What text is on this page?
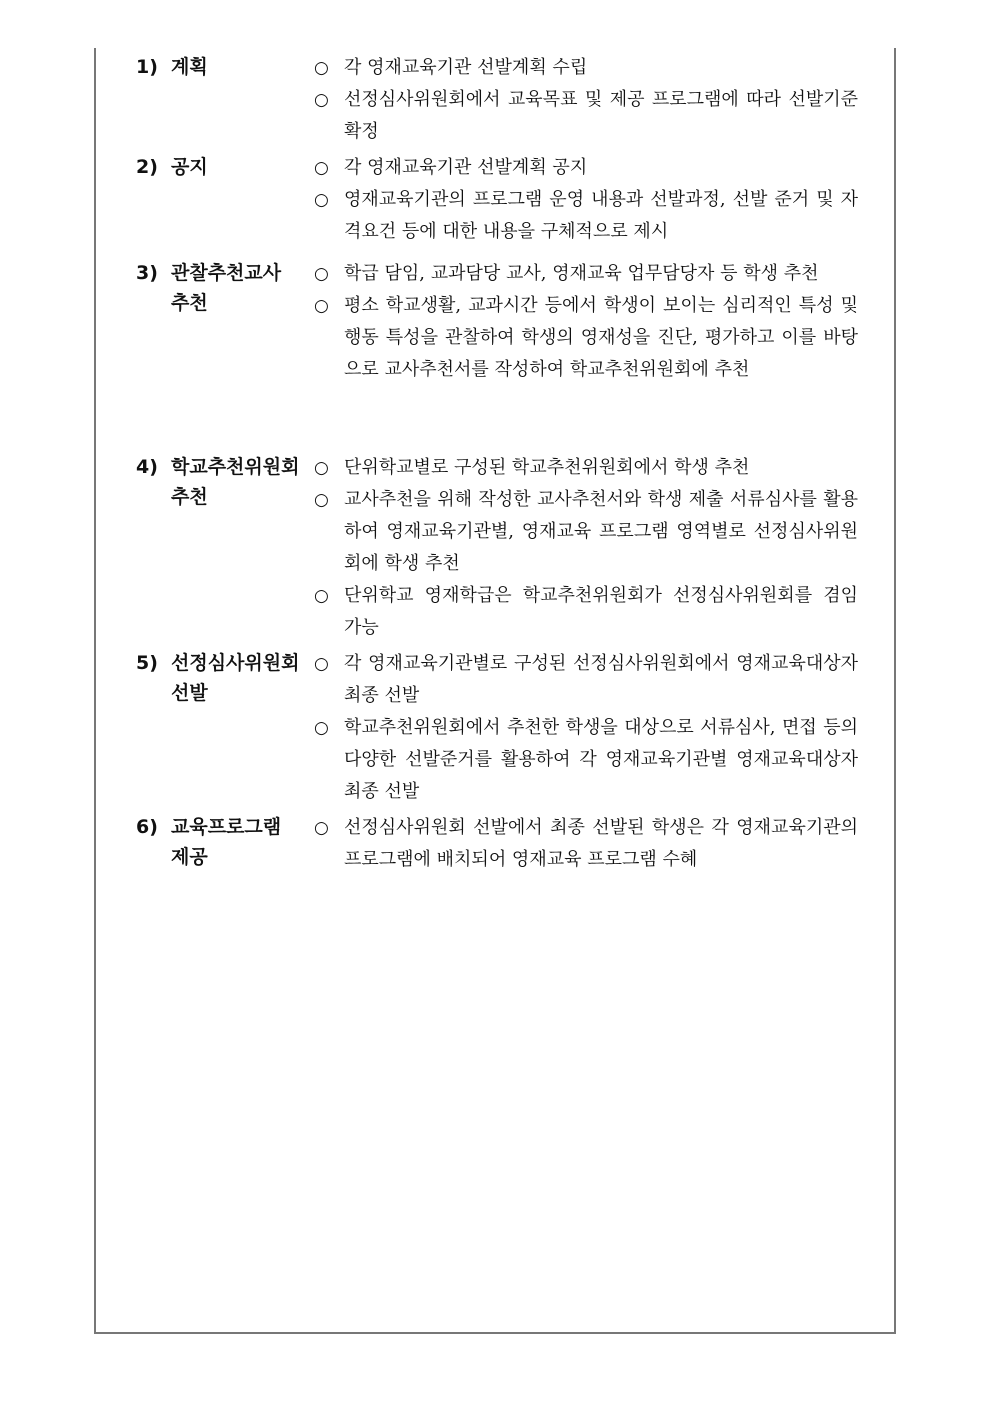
1) 계획	○ 각 영재교육기관 선발계획 수립
○ 선정심사위원회에서 교육목표 및 제공 프로그램에 따라 선발기준 확정
2) 공지	○ 각 영재교육기관 선발계획 공지
○ 영재교육기관의 프로그램 운영 내용과 선발과정, 선발 준거 및 자격요건 등에 대한 내용을 구체적으로 제시
3) 관찰추천교사
추천
○ 학급 담임, 교과담당 교사, 영재교육 업무담당자 등 학생 추천
○ 평소 학교생활, 교과시간 등에서 학생이 보이는 심리적인 특성 및 행동 특성을 관찰하여 학생의 영재성을 진단, 평가하고 이를 바탕으로 교사추천서를 작성하여 학교추천위원회에 추천
4) 학교추천위원회
추천
○ 단위학교별로 구성된 학교추천위원회에서 학생 추천
○ 교사추천을 위해 작성한 교사추천서와 학생 제출 서류심사를 활용하여 영재교육기관별, 영재교육 프로그램 영역별로 선정심사위원회에 학생 추천
○ 단위학교 영재학급은 학교추천위원회가 선정심사위원회를 겸임 가능
5) 선정심사위원회
선발
○ 각 영재교육기관별로 구성된 선정심사위원회에서 영재교육대상자 최종 선발
○ 학교추천위원회에서 추천한 학생을 대상으로 서류심사, 면접 등의 다양한 선발준거를 활용하여 각 영재교육기관별 영재교육대상자 최종 선발
6) 교육프로그램
제공
○ 선정심사위원회 선발에서 최종 선발된 학생은 각 영재교육기관의 프로그램에 배치되어 영재교육 프로그램 수혜
